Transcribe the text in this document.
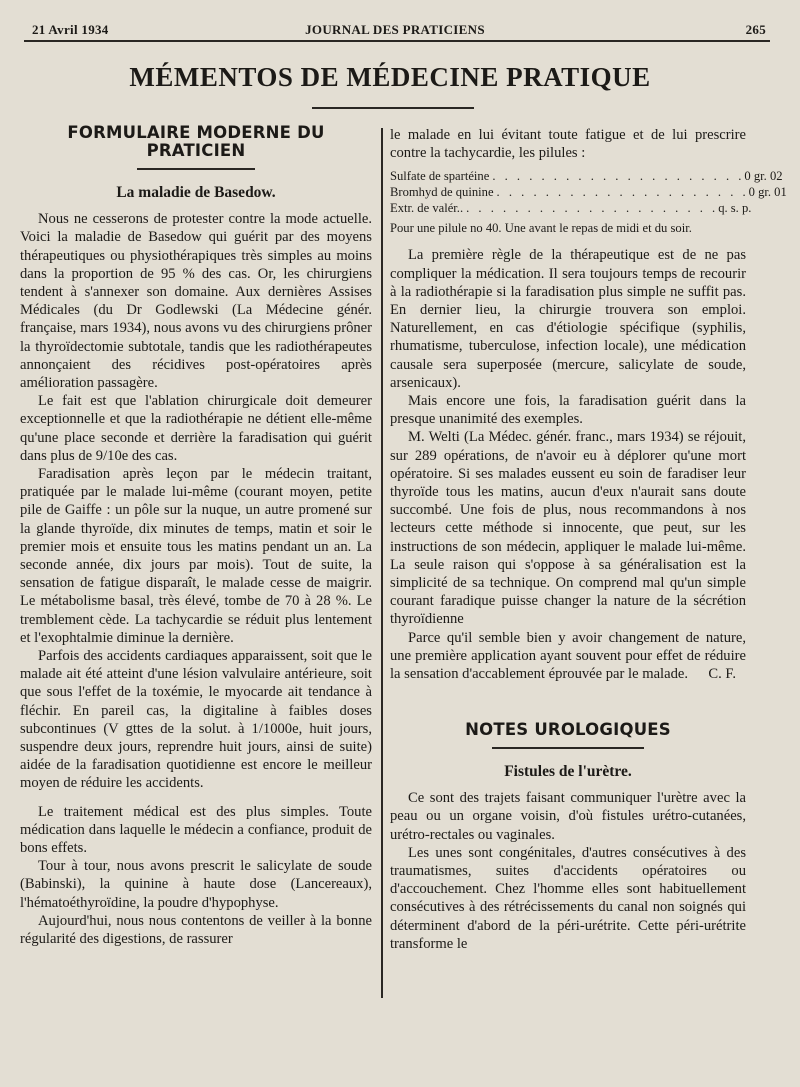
21 Avril 1934	JOURNAL DES PRATICIENS	265
MÉMENTOS DE MÉDECINE PRATIQUE
FORMULAIRE MODERNE DU PRATICIEN
La maladie de Basedow.

Nous ne cesserons de protester contre la mode actuelle. Voici la maladie de Basedow qui guérit par des moyens thérapeutiques ou physiothérapiques très simples au moins dans la proportion de 95 % des cas. Or, les chirurgiens tendent à s'annexer son domaine. Aux dernières Assises Médicales (du Dr Godlewski (La Médecine génér. française, mars 1934), nous avons vu des chirurgiens prôner la thyroïdectomie subtotale, tandis que les radiothérapeutes annonçaient des récidives post-opératoires après amélioration passagère.

Le fait est que l'ablation chirurgicale doit demeurer exceptionnelle et que la radiothérapie ne détient elle-même qu'une place seconde et derrière la faradisation qui guérit dans plus de 9/10e des cas.

Faradisation après leçon par le médecin traitant, pratiquée par le malade lui-même (courant moyen, petite pile de Gaiffe : un pôle sur la nuque, un autre promené sur la glande thyroïde, dix minutes de temps, matin et soir le premier mois et ensuite tous les matins pendant un an. La seconde année, dix jours par mois). Tout de suite, la sensation de fatigue disparaît, le malade cesse de maigrir. Le métabolisme basal, très élevé, tombe de 70 à 28 %. Le tremblement cède. La tachycardie se réduit plus lentement et l'exophtalmie diminue la dernière.

Parfois des accidents cardiaques apparaissent, soit que le malade ait été atteint d'une lésion valvulaire antérieure, soit que sous l'effet de la toxémie, le myocarde ait tendance à fléchir. En pareil cas, la digitaline à faibles doses subcontinues (V gttes de la solut. à 1/1000e, huit jours, suspendre deux jours, reprendre huit jours, ainsi de suite) aidée de la faradisation quotidienne est encore le meilleur moyen de réduire les accidents.

Le traitement médical est des plus simples. Toute médication dans laquelle le médecin a confiance, produit de bons effets.

Tour à tour, nous avons prescrit le salicylate de soude (Babinski), la quinine à haute dose (Lancereaux), l'hématoéthyroïdine, la poudre d'hypophyse.

Aujourd'hui, nous nous contentons de veiller à la bonne régularité des digestions, de rassurer

le malade en lui évitant toute fatigue et de lui prescrire contre la tachycardie, les pilules :

Sulfate de spartéine . . . . . . . . . . . . . . . . . . . . . 0 gr. 02
Bromhyd de quinine . . . . . . . . . . . . . . . . . . . . . 0 gr. 01
Extr. de valér.. . . . . . . . . . . . . . . . . . . . . . q. s. p.
Pour une pilule no 40. Une avant le repas de midi et du soir.

La première règle de la thérapeutique est de ne pas compliquer la médication. Il sera toujours temps de recourir à la radiothérapie si la faradisation plus simple ne suffit pas. En dernier lieu, la chirurgie trouvera son emploi. Naturellement, en cas d'étiologie spécifique (syphilis, rhumatisme, tuberculose, infection locale), une médication causale sera superposée (mercure, salicylate de soude, arsenicaux).

Mais encore une fois, la faradisation guérit dans la presque unanimité des exemples.

M. Welti (La Médec. génér. franc., mars 1934) se réjouit, sur 289 opérations, de n'avoir eu à déplorer qu'une mort opératoire. Si ses malades eussent eu soin de faradiser leur thyroïde tous les matins, aucun d'eux n'aurait sans doute succombé. Une fois de plus, nous recommandons à nos lecteurs cette méthode si innocente, que peut, sur les instructions de son médecin, appliquer le malade lui-même. La seule raison qui s'oppose à sa généralisation est la simplicité de sa technique. On comprend mal qu'un simple courant faradique puisse changer la nature de la sécrétion thyroïdienne

Parce qu'il semble bien y avoir changement de nature, une première application ayant souvent pour effet de réduire la sensation d'accablement éprouvée par le malade.	C. F.

NOTES UROLOGIQUES
Fistules de l'urètre.

Ce sont des trajets faisant communiquer l'urètre avec la peau ou un organe voisin, d'où fistules urétro-cutanées, urétro-rectales ou vaginales.

Les unes sont congénitales, d'autres consécutives à des traumatismes, suites d'accidents opératoires ou d'accouchement. Chez l'homme elles sont habituellement consécutives à des rétrécissements du canal non soignés qui déterminent d'abord de la péri-urétrite. Cette péri-urétrite transforme le
